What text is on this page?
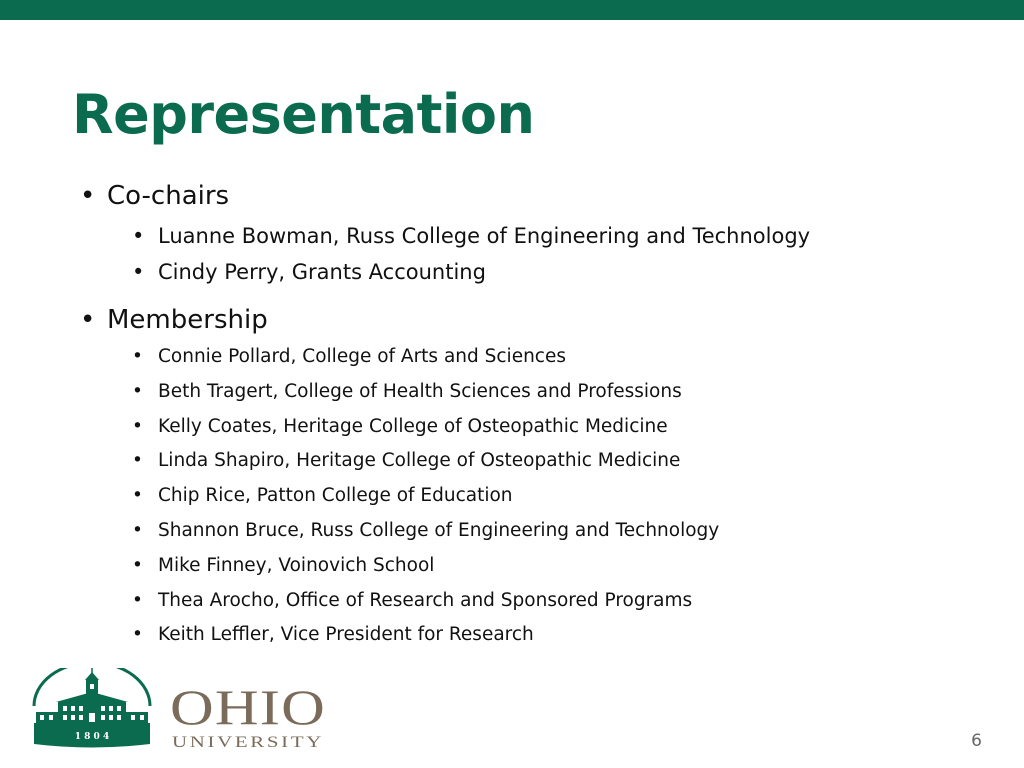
Representation
• Co-chairs
• Luanne Bowman, Russ College of Engineering and Technology
• Cindy Perry, Grants Accounting
• Membership
• Connie Pollard, College of Arts and Sciences
• Beth Tragert, College of Health Sciences and Professions
• Kelly Coates, Heritage College of Osteopathic Medicine
• Linda Shapiro, Heritage College of Osteopathic Medicine
• Chip Rice, Patton College of Education
• Shannon Bruce, Russ College of Engineering and Technology
• Mike Finney, Voinovich School
• Thea Arocho, Office of Research and Sponsored Programs
• Keith Leffler, Vice President for Research
1 8 0 4
OHIO
UNIVERSITY	6
